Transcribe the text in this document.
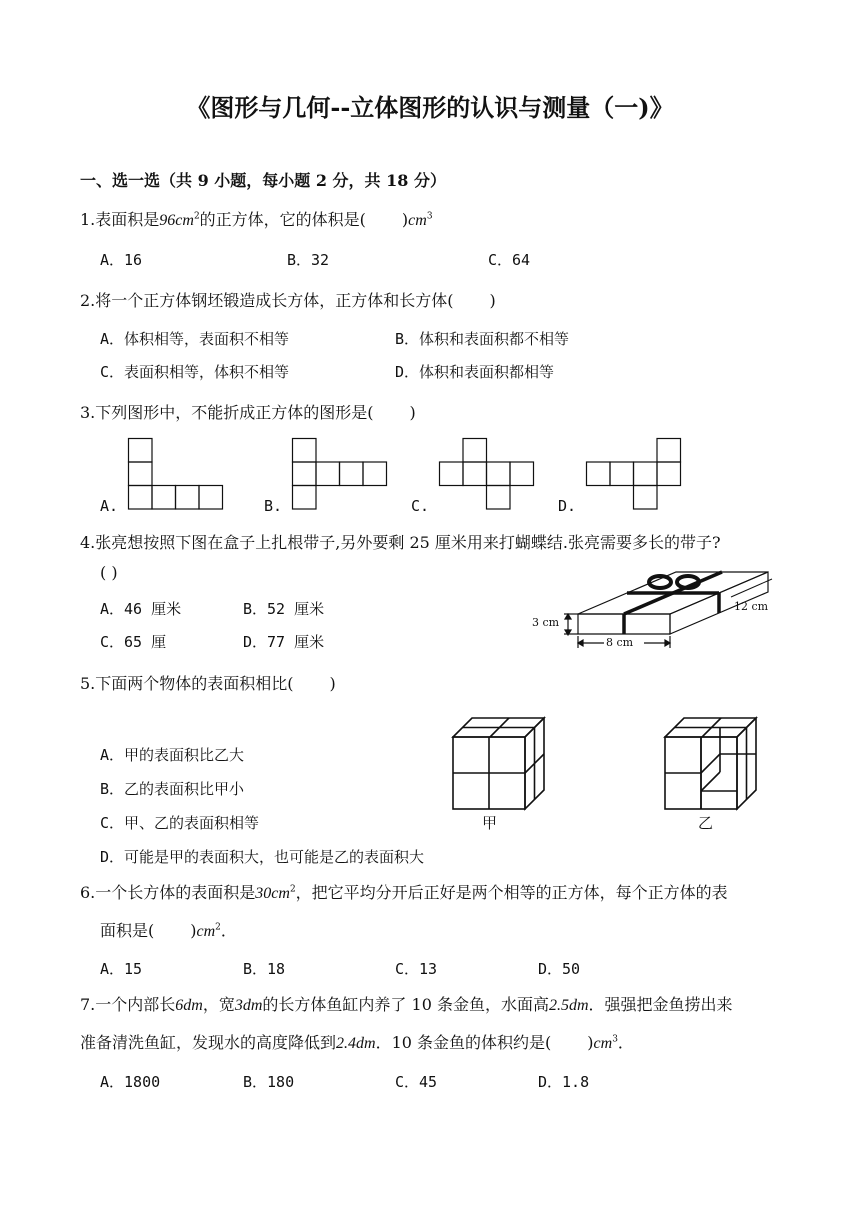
《图形与几何--立体图形的认识与测量（一)》
一、选一选（共 9 小题，每小题 2 分，共 18 分）
1.表面积是$96cm^2$的正方体，它的体积是( )$cm^3$
A．16	B．32	C．64
2.将一个正方体钢坯锻造成长方体，正方体和长方体( )
A．体积相等，表面积不相等	B．体积和表面积都不相等
C．表面积相等，体积不相等	D．体积和表面积都相等
3.下列图形中，不能折成正方体的图形是( )
A.	B.	C.	D.
4.张亮想按照下图在盒子上扎根带子,另外要剩 25 厘米用来打蝴蝶结.张亮需要多长的带子?
( )
A．46 厘米	B．52 厘米
C．65 厘	D．77 厘米
3 cm
8 cm
12 cm
5.下面两个物体的表面积相比( )
A．甲的表面积比乙大
B．乙的表面积比甲小
C．甲、乙的表面积相等
D．可能是甲的表面积大，也可能是乙的表面积大
甲	乙
6.一个长方体的表面积是$30cm^2$，把它平均分开后正好是两个相等的正方体，每个正方体的表
面积是( )$cm^2$．
A．15	B．18	C．13	D．50
7.一个内部长6dm，宽3dm的长方体鱼缸内养了 10 条金鱼，水面高2.5dm．强强把金鱼捞出来
准备清洗鱼缸，发现水的高度降低到2.4dm．10 条金鱼的体积约是( )$cm^3$．
A．1800	B．180	C．45	D．1.8
